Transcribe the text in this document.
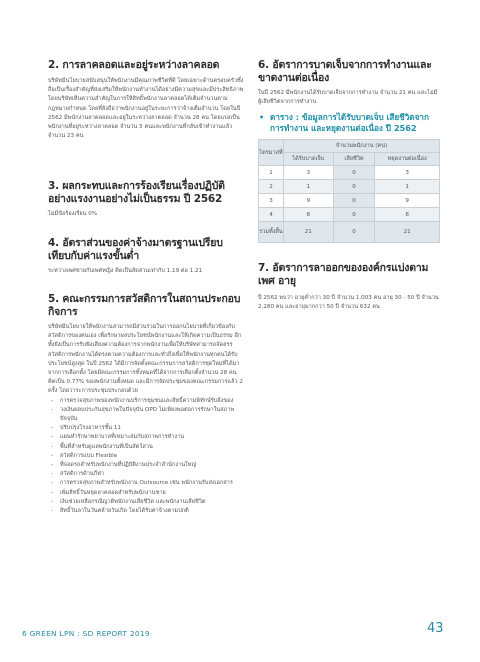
2. การลาคลอดและอยู่ระหว่างลาคลอด

บริษัทมีนโยบายสนับสนุนให้พนักงานมีคุณภาพชีวิตที่ดี โดยเฉพาะด้านครอบครัวซึ่งถือเป็นเรื่องสำคัญที่ส่งเสริมให้พนักงานทำงานได้อย่างมีความสุขและมีประสิทธิภาพ โดยบริษัทเห็นความสำคัญในการให้สิทธิ์พนักงานลาคลอดได้เต็มจำนวนตามกฎหมายกำหนด โดยที่ยังถือว่าพนักงานอยู่ในระยะการว่าจ้างเต็มจำนวน โดยในปี 2562 มีพนักงานลาคลอดและอยู่ในระหว่างลาคลอด จำนวน 28 คน โดยแบ่งเป็นพนักงานที่อยู่ระหว่างลาคลอด จำนวน 5 คนและพนักงานที่กลับเข้าทำงานแล้ว จำนวน 23 คน

3. ผลกระทบและการร้องเรียนเรื่องปฏิบัติอย่างแรงงานอย่างไม่เป็นธรรม ปี 2562

ไม่มีข้อร้องเรียน 0%

4. อัตราส่วนของค่าจ้างมาตรฐานเปรียบเทียบกับค่าแรงขั้นต่ำ

ระหว่างเพศชายกับเพศหญิง คิดเป็นสัดส่วนเท่ากับ 1.19 ต่อ 1.21

5. คณะกรรมการสวัสดิการในสถานประกอบกิจการ

บริษัทมีนโยบายให้พนักงานสามารถมีส่วนร่วมในการออกนโยบายที่เกี่ยวข้องกับสวัสดิการของตนเอง เพื่อรักษาผลประโยชน์พนักงานและให้เกิดความเป็นธรรม อีกทั้งยังเป็นการรับฟังเสียงความต้องการจากพนักงานเพื่อให้บริษัทสามารถจัดสรรสวัสดิการพนักงานได้ตรงตามความต้องการและทั่วถึงเพื่อให้พนักงานทุกคนได้รับประโยชน์สูงสุด ในปี 2562 ได้มีการจัดตั้งคณะกรรมการสวัสดิการชุดใหม่ที่ได้มาจากการเลือกตั้ง โดยมีคณะกรรมการทั้งหมดที่ได้จากการเลือกตั้งจำนวน 28 คน คิดเป็น 0.77% ของพนักงานทั้งหมด และมีการจัดประชุมของคณะกรรมการแล้ว 2 ครั้ง โดยวาระการประชุมประกอบด้วย

- การตรวจสุขภาพของพนักงานบริการชุมชนและสิทธิ์ความพิทักษ์รับสิ่งของ
- วงเงินผลบประกันสุขภาพในปัจจุบัน OPD ไม่เพียงพอต่อการรักษาในสภาพปัจจุบัน
- ปรับปรุงโรงอาหารชั้น 11
- แผนทำรักษาพยาบาลที่เหมาะสมกับสภาพการทำงาน
- พื้นที่สำหรับดูแลพนักงานที่เป็นสัตว์สวน
- สวัสดิการแบบ Flexible
- ที่จอดรถสำหรับพนักงานที่ปฏิบัติงานประจำสำนักงานใหญ่
- สวัสดิการด้านกีฬา
- การตรวจสุขภาพสำหรับพนักงาน Outsource เช่น พนักงานรับส่งเอกสาร
- เพิ่มสิทธิ์วันหยุดลาคลอดสำหรับพนักงานชาย
- เงินช่วยเหลือกรณีญาติพนักงานเสียชีวิต และพนักงานเสียชีวิต
- สิทธิ์วันลาในวันคล้ายวันเกิด โดยได้รับค่าจ้างตามปกติ
6. อัตราการบาดเจ็บจากการทำงานและขาดงานต่อเนื่อง

ในปี 2562 มีพนักงานได้รับบาดเจ็บจากการทำงาน จำนวน 21 คน และไม่มีผู้เสียชีวิตจากการทำงาน

• ตาราง : ข้อมูลการได้รับบาดเจ็บ เสียชีวิตจากการทำงาน และหยุดงานต่อเนื่อง ปี 2562
ไตรมาสที่	จำนวนพนักงาน (คน)		
	ได้รับบาดเจ็บ	เสียชีวิต	หยุดงานต่อเนื่อง
1	3	0	3
2	1	0	1
3	9	0	9
4	8	0	8
รวมทั้งสิ้น	21	0	21
7. อัตราการลาออกขององค์กรแบ่งตามเพศ อายุ

ปี 2562 พบว่า อายุต่ำกว่า 30 ปี จำนวน 1,003 คน อายุ 30 - 50 ปี จำนวน 2,280 คน และอายุมากกว่า 50 ปี จำนวน 632 คน

6 GREEN LPN : SD REPORT 2019	43
